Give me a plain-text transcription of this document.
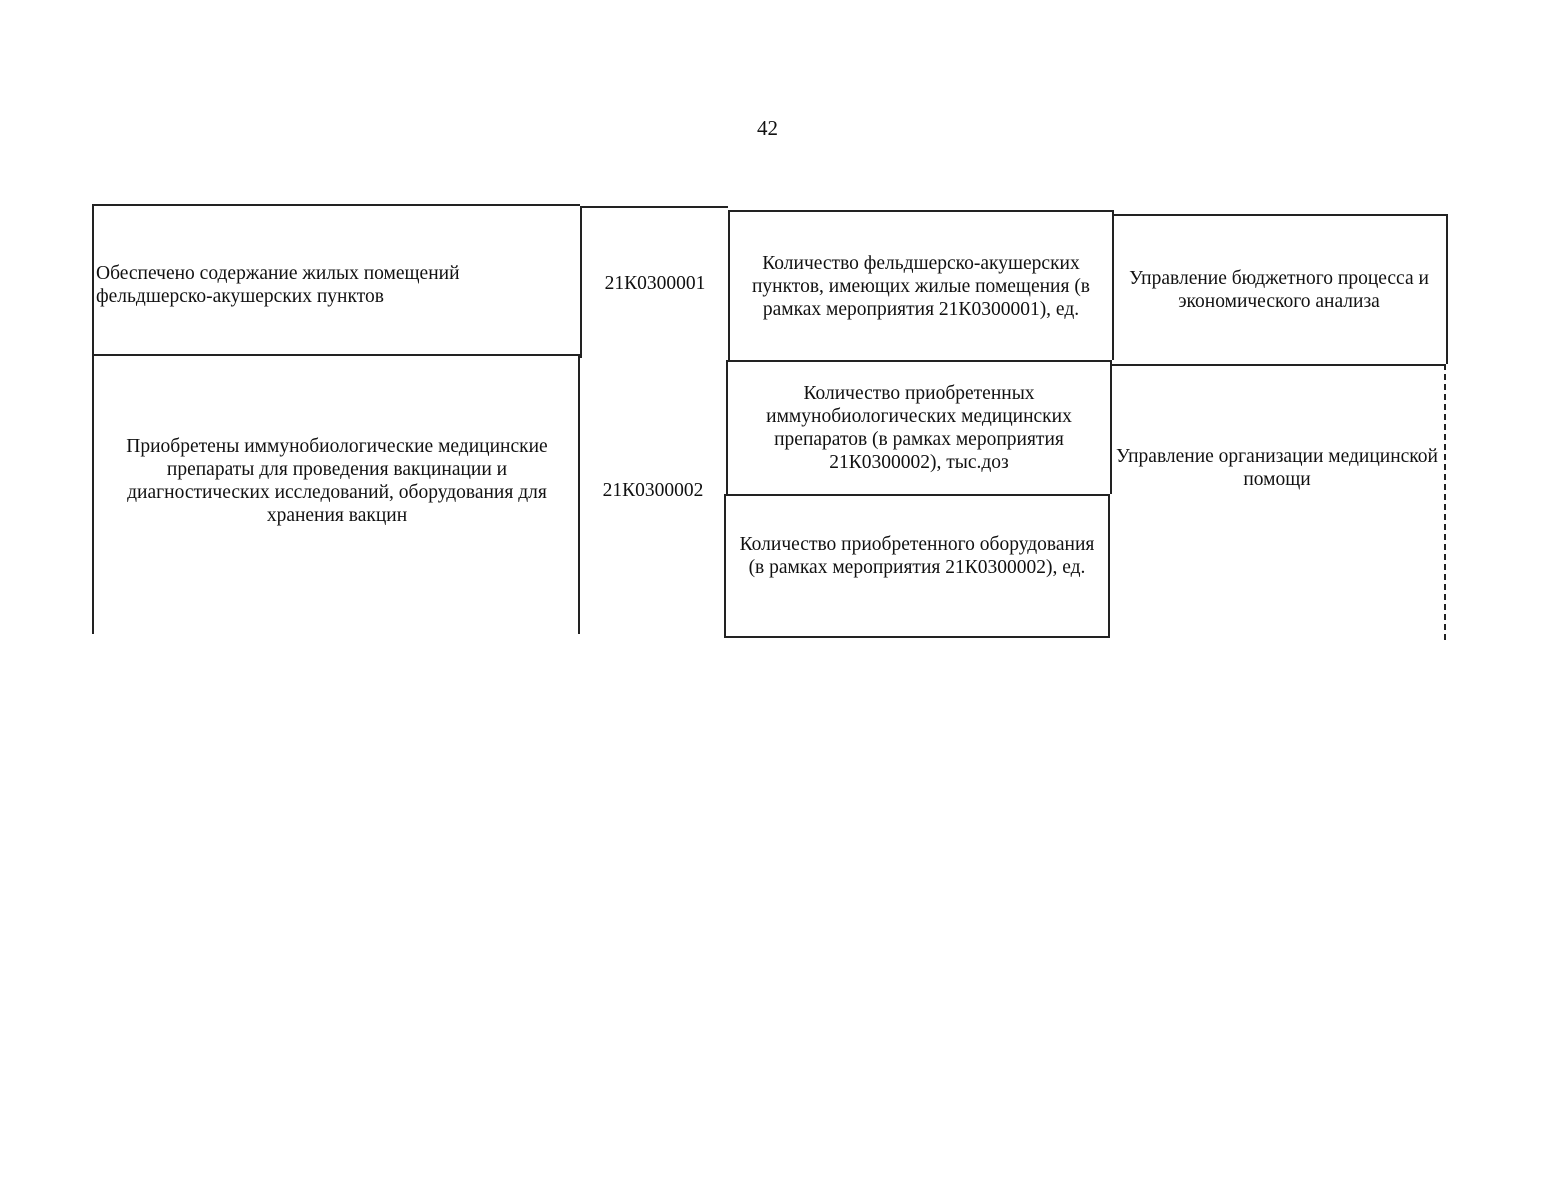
42
Обеспечено содержание жилых помещений фельдшерско-акушерских пунктов
21К0300001
Количество фельдшерско-акушерских пунктов, имеющих жилые помещения (в рамках мероприятия 21К0300001), ед.
Управление бюджетного процесса и экономического анализа
Приобретены иммунобиологические медицинские препараты для проведения вакцинации и диагностических исследований, оборудования для хранения вакцин
21К0300002
Количество приобретенных иммунобиологических медицинских препаратов (в рамках мероприятия 21К0300002), тыс.доз
Количество приобретенного оборудования (в рамках мероприятия 21К0300002), ед.
Управление организации медицинской помощи
